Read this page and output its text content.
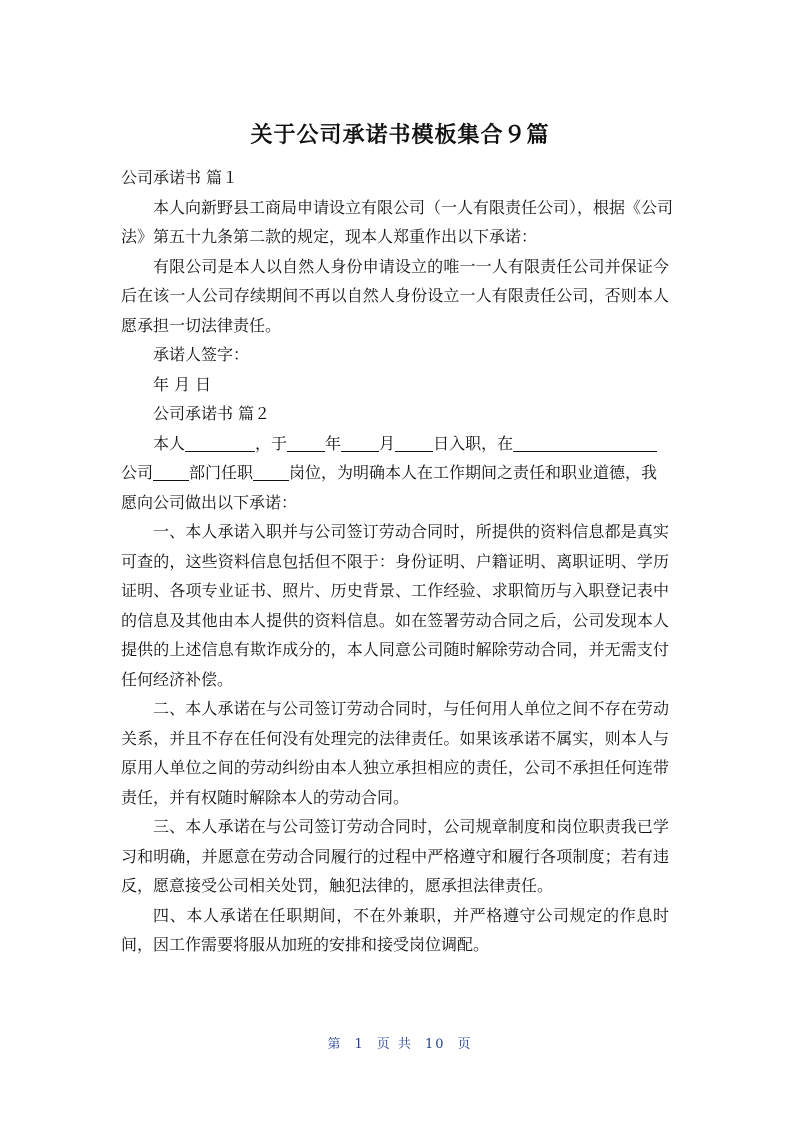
关于公司承诺书模板集合９篇
公司承诺书 篇１
本人向新野县工商局申请设立有限公司（一人有限责任公司），根据《公司
法》第五十九条第二款的规定，现本人郑重作出以下承诺：
有限公司是本人以自然人身份申请设立的唯一一人有限责任公司并保证今
后在该一人公司存续期间不再以自然人身份设立一人有限责任公司，否则本人
愿承担一切法律责任。
承诺人签字：
年 月 日
公司承诺书 篇２
本人	，于 年 月 日入职，在
公司 部门任职 岗位，为明确本人在工作期间之责任和职业道德，我
愿向公司做出以下承诺：
一、本人承诺入职并与公司签订劳动合同时，所提供的资料信息都是真实
可查的，这些资料信息包括但不限于：身份证明、户籍证明、离职证明、学历
证明、各项专业证书、照片、历史背景、工作经验、求职简历与入职登记表中
的信息及其他由本人提供的资料信息。如在签署劳动合同之后，公司发现本人
提供的上述信息有欺诈成分的，本人同意公司随时解除劳动合同，并无需支付
任何经济补偿。
二、本人承诺在与公司签订劳动合同时，与任何用人单位之间不存在劳动
关系，并且不存在任何没有处理完的法律责任。如果该承诺不属实，则本人与
原用人单位之间的劳动纠纷由本人独立承担相应的责任，公司不承担任何连带
责任，并有权随时解除本人的劳动合同。
三、本人承诺在与公司签订劳动合同时，公司规章制度和岗位职责我已学
习和明确，并愿意在劳动合同履行的过程中严格遵守和履行各项制度；若有违
反，愿意接受公司相关处罚，触犯法律的，愿承担法律责任。
四、本人承诺在任职期间，不在外兼职，并严格遵守公司规定的作息时
间，因工作需要将服从加班的安排和接受岗位调配。
第 1 页 共 10 页
